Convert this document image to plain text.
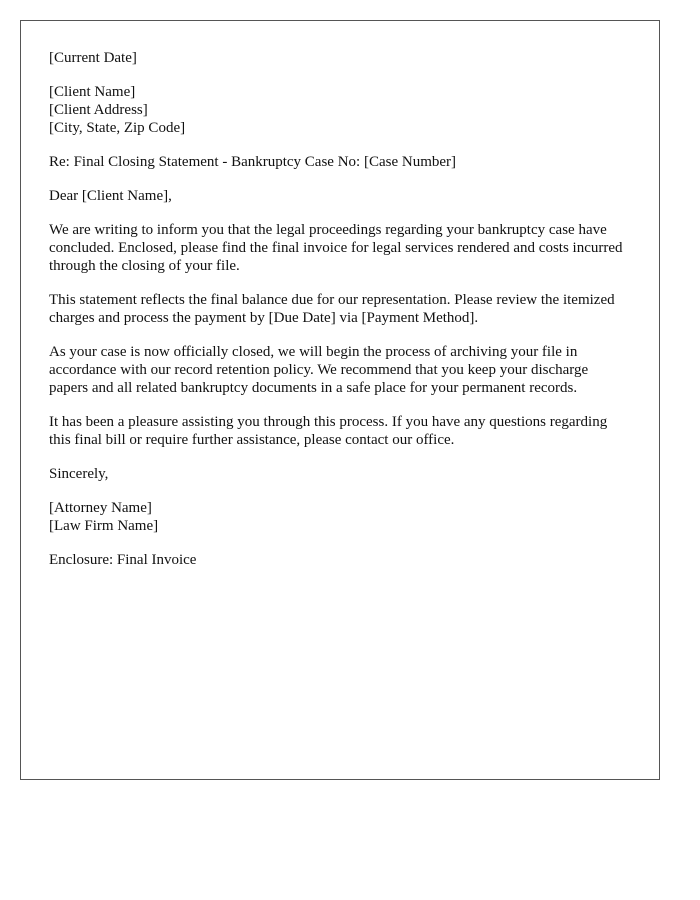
[Current Date]
[Client Name]
[Client Address]
[City, State, Zip Code]
Re: Final Closing Statement - Bankruptcy Case No: [Case Number]
Dear [Client Name],

We are writing to inform you that the legal proceedings regarding your bankruptcy case have concluded. Enclosed, please find the final invoice for legal services rendered and costs incurred through the closing of your file.

This statement reflects the final balance due for our representation. Please review the itemized charges and process the payment by [Due Date] via [Payment Method].

As your case is now officially closed, we will begin the process of archiving your file in accordance with our record retention policy. We recommend that you keep your discharge papers and all related bankruptcy documents in a safe place for your permanent records.

It has been a pleasure assisting you through this process. If you have any questions regarding this final bill or require further assistance, please contact our office.

Sincerely,
[Attorney Name]
[Law Firm Name]
Enclosure: Final Invoice
